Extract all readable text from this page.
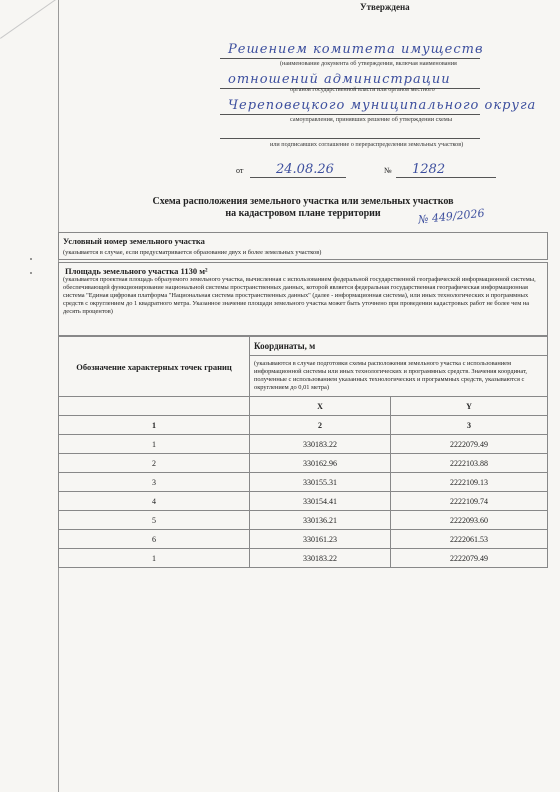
Утверждена
Решением комитета имуществ
(наименование документа об утверждении, включая наименования
отношений администрации
органов государственной власти или органов местного
Череповецкого муниципального округа
самоуправления, принявших решение об утверждении схемы
или подписавших соглашение о перераспределении земельных участков)
от	24.08.26	№ 1282
Схема расположения земельного участка или земельных участков
на кадастровом плане территории	№ 449/2026
Условный номер земельного участка
(указывается в случае, если предусматривается образование двух и более земельных участков)
Площадь земельного участка 1130 м²
(указывается проектная площадь образуемого земельного участка, вычисленная с использованием федеральной государственной географической информационной системы, обеспечивающей функционирование национальной системы пространственных данных, которой является федеральная государственная географическая информационная система "Единая цифровая платформа "Национальная система пространственных данных" (далее - информационная система), или иных технологических и программных средств с округлением до 1 квадратного метра. Указанное значение площади земельного участка может быть уточнено при проведении кадастровых работ не более чем на десять процентов)
Обозначение характерных точек границ	Координаты, м	
	(указываются в случае подготовки схемы расположения земельного участка с использованием информационной системы или иных технологических и программных средств. Значения координат, полученные с использованием указанных технологических и программных средств, указываются с округлением до 0,01 метра)	
	X	Y
1	2	3
1	330183.22	2222079.49
2	330162.96	2222103.88
3	330155.31	2222109.13
4	330154.41	2222109.74
5	330136.21	2222093.60
6	330161.23	2222061.53
1	330183.22	2222079.49
